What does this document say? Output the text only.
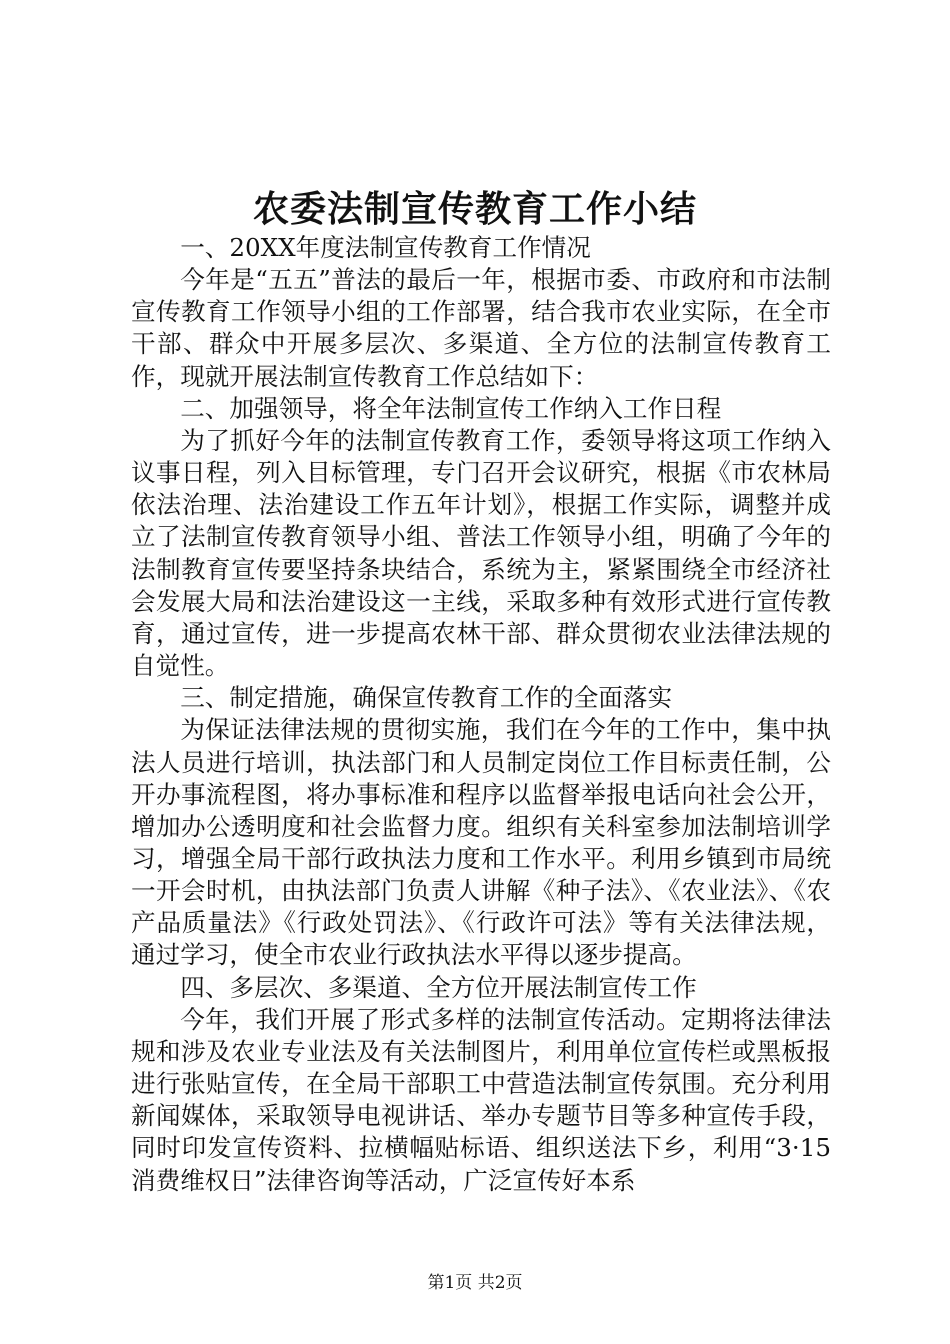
农委法制宣传教育工作小结

一、20XX年度法制宣传教育工作情况

今年是“五五”普法的最后一年，根据市委、市政府和市法制宣传教育工作领导小组的工作部署，结合我市农业实际，在全市干部、群众中开展多层次、多渠道、全方位的法制宣传教育工作，现就开展法制宣传教育工作总结如下：

二、加强领导，将全年法制宣传工作纳入工作日程

为了抓好今年的法制宣传教育工作，委领导将这项工作纳入议事日程，列入目标管理，专门召开会议研究，根据《市农林局依法治理、法治建设工作五年计划》，根据工作实际，调整并成立了法制宣传教育领导小组、普法工作领导小组，明确了今年的法制教育宣传要坚持条块结合，系统为主，紧紧围绕全市经济社会发展大局和法治建设这一主线，采取多种有效形式进行宣传教育，通过宣传，进一步提高农林干部、群众贯彻农业法律法规的自觉性。

三、制定措施，确保宣传教育工作的全面落实

为保证法律法规的贯彻实施，我们在今年的工作中，集中执法人员进行培训，执法部门和人员制定岗位工作目标责任制，公开办事流程图，将办事标准和程序以监督举报电话向社会公开，增加办公透明度和社会监督力度。组织有关科室参加法制培训学习，增强全局干部行政执法力度和工作水平。利用乡镇到市局统一开会时机，由执法部门负责人讲解《种子法》、《农业法》、《农产品质量法》《行政处罚法》、《行政许可法》等有关法律法规，通过学习，使全市农业行政执法水平得以逐步提高。

四、多层次、多渠道、全方位开展法制宣传工作

今年，我们开展了形式多样的法制宣传活动。定期将法律法规和涉及农业专业法及有关法制图片，利用单位宣传栏或黑板报进行张贴宣传，在全局干部职工中营造法制宣传氛围。充分利用新闻媒体，采取领导电视讲话、举办专题节目等多种宣传手段，同时印发宣传资料、拉横幅贴标语、组织送法下乡，利用“3·15消费维权日”法律咨询等活动，广泛宣传好本系

第1页 共2页
